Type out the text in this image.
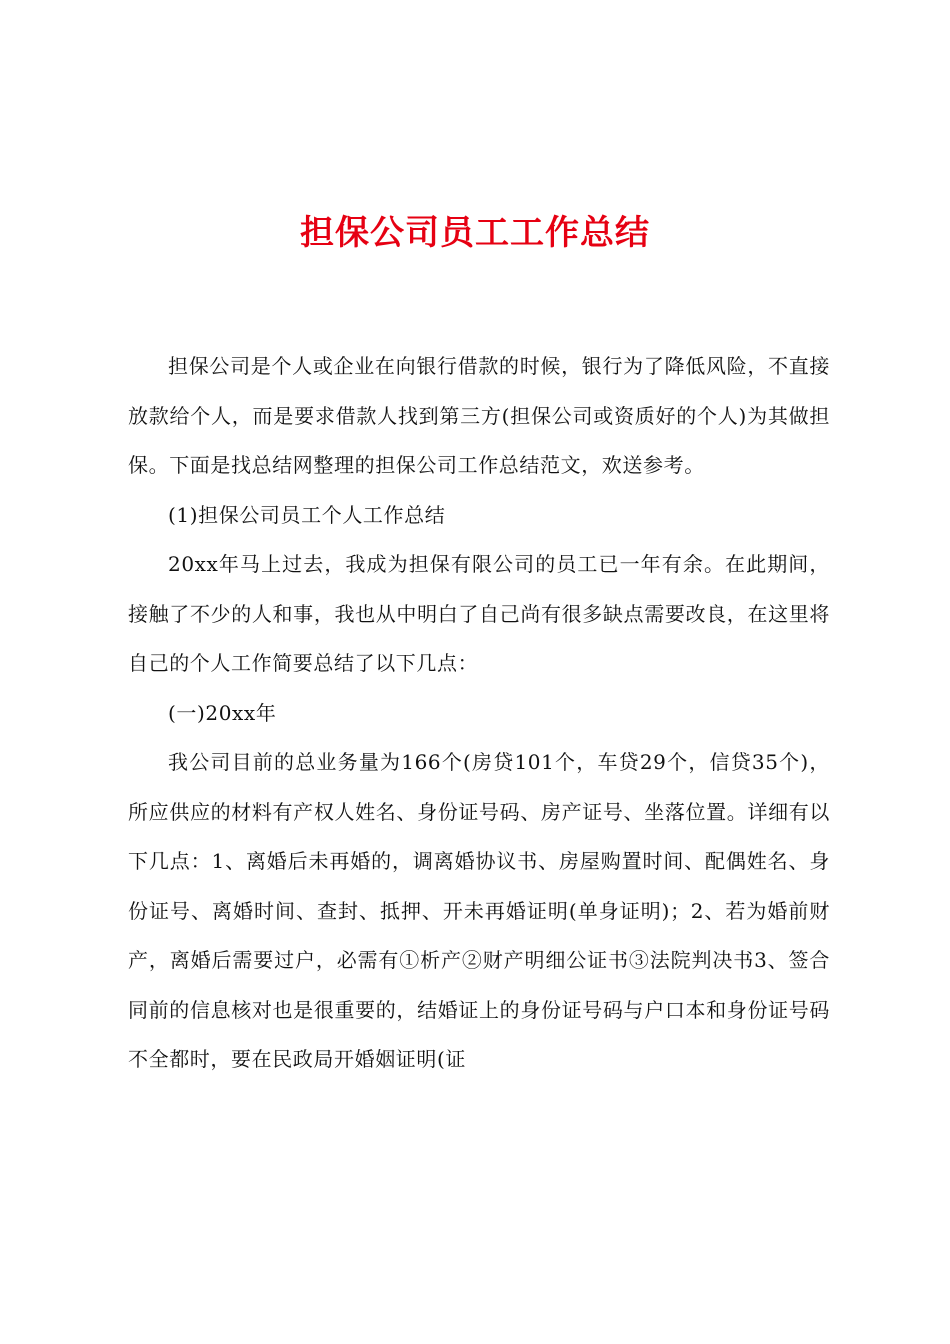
担保公司员工工作总结

担保公司是个人或企业在向银行借款的时候，银行为了降低风险，不直接放款给个人，而是要求借款人找到第三方(担保公司或资质好的个人)为其做担保。下面是找总结网整理的担保公司工作总结范文，欢送参考。

(1)担保公司员工个人工作总结

20xx年马上过去，我成为担保有限公司的员工已一年有余。在此期间，接触了不少的人和事，我也从中明白了自己尚有很多缺点需要改良，在这里将自己的个人工作简要总结了以下几点：

(一)20xx年

我公司目前的总业务量为166个(房贷101个，车贷29个，信贷35个)，所应供应的材料有产权人姓名、身份证号码、房产证号、坐落位置。详细有以下几点：1、离婚后未再婚的，调离婚协议书、房屋购置时间、配偶姓名、身份证号、离婚时间、查封、抵押、开未再婚证明(单身证明)；2、若为婚前财产，离婚后需要过户，必需有①析产②财产明细公证书③法院判决书3、签合同前的信息核对也是很重要的，结婚证上的身份证号码与户口本和身份证号码不全都时，要在民政局开婚姻证明(证
